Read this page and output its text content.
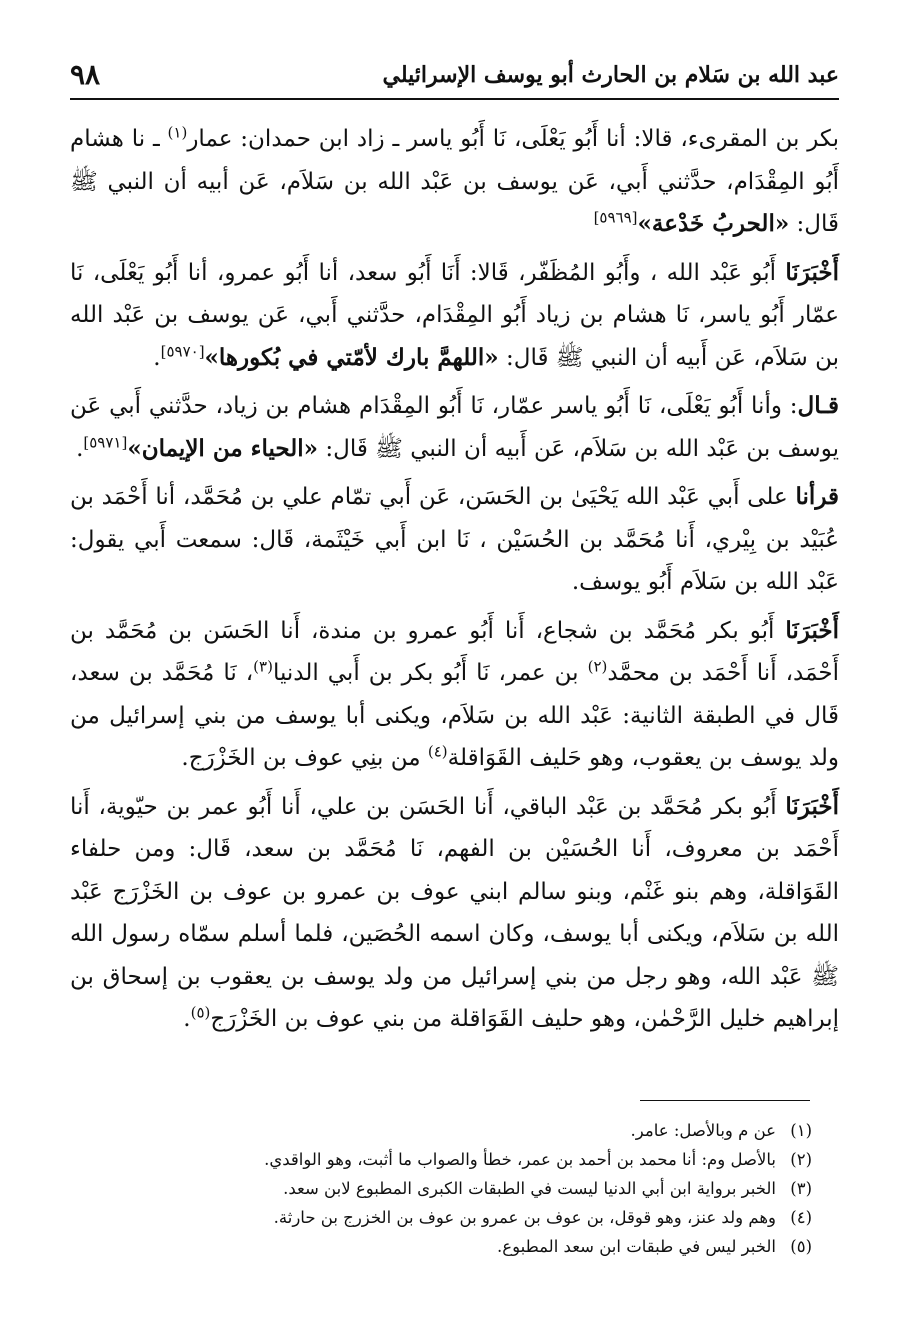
عبد الله بن سَلام بن الحارث أبو يوسف الإسرائيلي
٩٨

بكر بن المقرىء، قالا: أنا أَبُو يَعْلَى، نَا أَبُو ياسر ـ زاد ابن حمدان: عمار$^{(١)}$ ـ نا هشام أَبُو المِقْدَام، حدَّثني أَبي، عَن يوسف بن عَبْد الله بن سَلاَم، عَن أبيه أن النبي ﷺ قَال: «الحربُ خَدْعة»[٥٩٦٩]

أَخْبَرَنَا أَبُو عَبْد الله ، وأَبُو المُظَفّر، قَالا: أَنَا أَبُو سعد، أنا أَبُو عمرو، أنا أَبُو يَعْلَى، نَا عمّار أَبُو ياسر، نَا هشام بن زياد أَبُو المِقْدَام، حدَّثني أَبي، عَن يوسف بن عَبْد الله بن سَلاَم، عَن أَبيه أن النبي ﷺ قَال: «اللهمَّ بارك لأمّتي في بُكورها»[٥٩٧٠].

قـال: وأنا أَبُو يَعْلَى، نَا أَبُو ياسر عمّار، نَا أَبُو المِقْدَام هشام بن زياد، حدَّثني أَبي عَن يوسف بن عَبْد الله بن سَلاَم، عَن أَبيه أن النبي ﷺ قَال: «الحياء من الإيمان»[٥٩٧١].

قرأنا على أَبي عَبْد الله يَحْيَىٰ بن الحَسَن، عَن أَبي تمّام علي بن مُحَمَّد، أنا أَحْمَد بن عُبَيْد بن بِيْري، أَنا مُحَمَّد بن الحُسَيْن ، نَا ابن أَبي خَيْثَمة، قَال: سمعت أَبي يقول: عَبْد الله بن سَلاَم أَبُو يوسف.

أَخْبَرَنَا أَبُو بكر مُحَمَّد بن شجاع، أَنا أَبُو عمرو بن مندة، أَنا الحَسَن بن مُحَمَّد بن أَحْمَد، أَنا أَحْمَد بن محمَّد$^{(٢)}$ بن عمر، نَا أَبُو بكر بن أَبي الدنيا$^{(٣)}$، نَا مُحَمَّد بن سعد، قَال في الطبقة الثانية: عَبْد الله بن سَلاَم، ويكنى أبا يوسف من بني إسرائيل من ولد يوسف بن يعقوب، وهو حَليف القَوَاقلة$^{(٤)}$ من بنِي عوف بن الخَزْرَج.

أَخْبَرَنَا أَبُو بكر مُحَمَّد بن عَبْد الباقي، أَنا الحَسَن بن علي، أَنا أَبُو عمر بن حيّوية، أَنا أَحْمَد بن معروف، أَنا الحُسَيْن بن الفهم، نَا مُحَمَّد بن سعد، قَال: ومن حلفاء القَوَاقلة، وهم بنو غَنْم، وبنو سالم ابني عوف بن عمرو بن عوف بن الخَزْرَج عَبْد الله بن سَلاَم، ويكنى أبا يوسف، وكان اسمه الحُصَين، فلما أسلم سمّاه رسول الله ﷺ عَبْد الله، وهو رجل من بني إسرائيل من ولد يوسف بن يعقوب بن إسحاق بن إبراهيم خليل الرَّحْمٰن، وهو حليف القَوَاقلة من بني عوف بن الخَزْرَج$^{(٥)}$.

(١)عن م وبالأصل: عامر.
(٢)بالأصل وم: أنا محمد بن أحمد بن عمر، خطأ والصواب ما أثبت، وهو الواقدي.
(٣)الخبر برواية ابن أبي الدنيا ليست في الطبقات الكبرى المطبوع لابن سعد.
(٤)وهم ولد عنز، وهو قوقل، بن عوف بن عمرو بن عوف بن الخزرج بن حارثة.
(٥)الخبر ليس في طبقات ابن سعد المطبوع.
